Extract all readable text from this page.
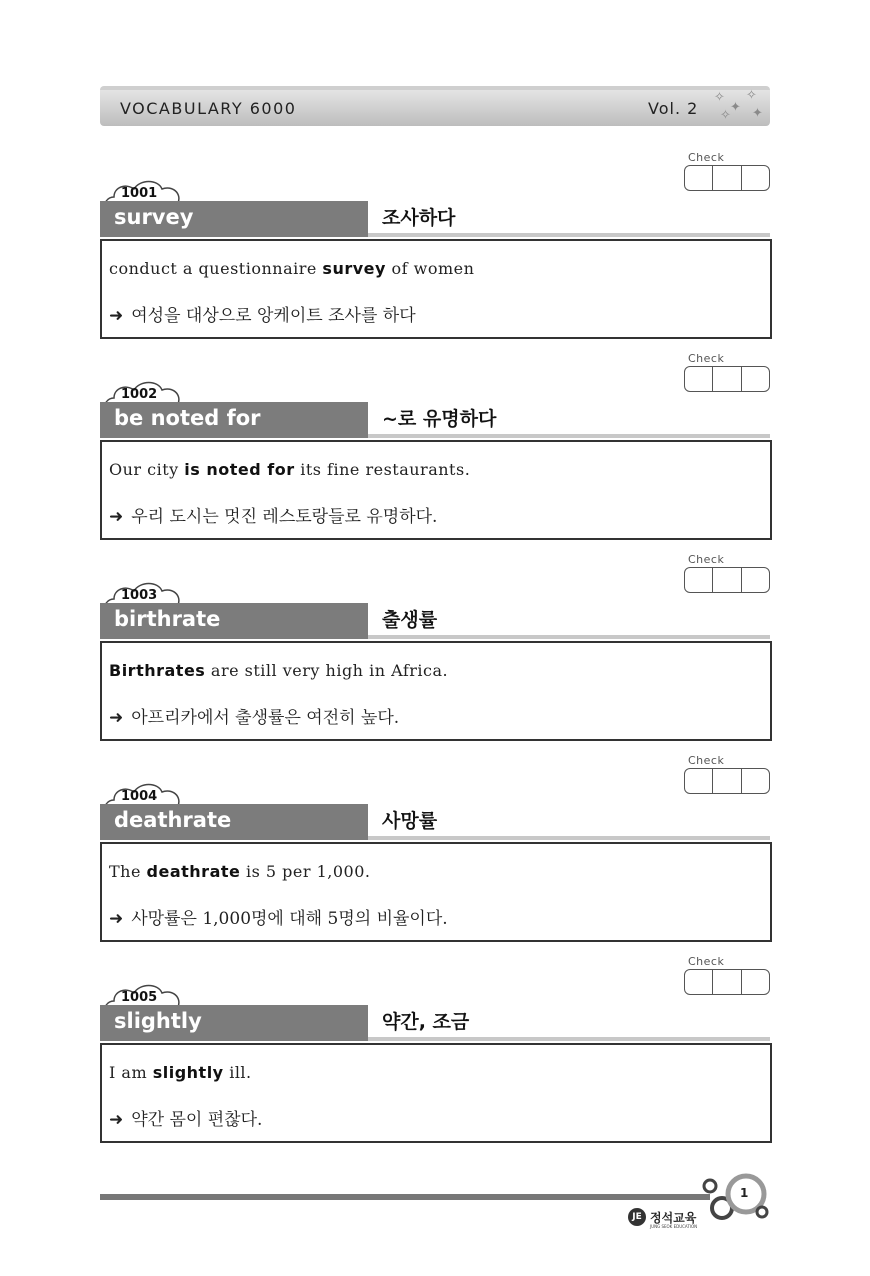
VOCABULARY 6000	Vol. 2
✧
✦
✧
✦
✧
1001
survey	조사하다
Check
conduct a questionnaire survey of women
➜ 여성을 대상으로 앙케이트 조사를 하다
1002
be noted for	~로 유명하다
Check
Our city is noted for its fine restaurants.
➜ 우리 도시는 멋진 레스토랑들로 유명하다.
1003
birthrate	출생률
Check
Birthrates are still very high in Africa.
➜ 아프리카에서 출생률은 여전히 높다.
1004
deathrate	사망률
Check
The deathrate is 5 per 1,000.
➜ 사망률은 1,000명에 대해 5명의 비율이다.
1005
slightly	약간, 조금
Check
I am slightly ill.
➜ 약간 몸이 편찮다.
JE 정석교육
JUNG SEOK EDUCATION
1
